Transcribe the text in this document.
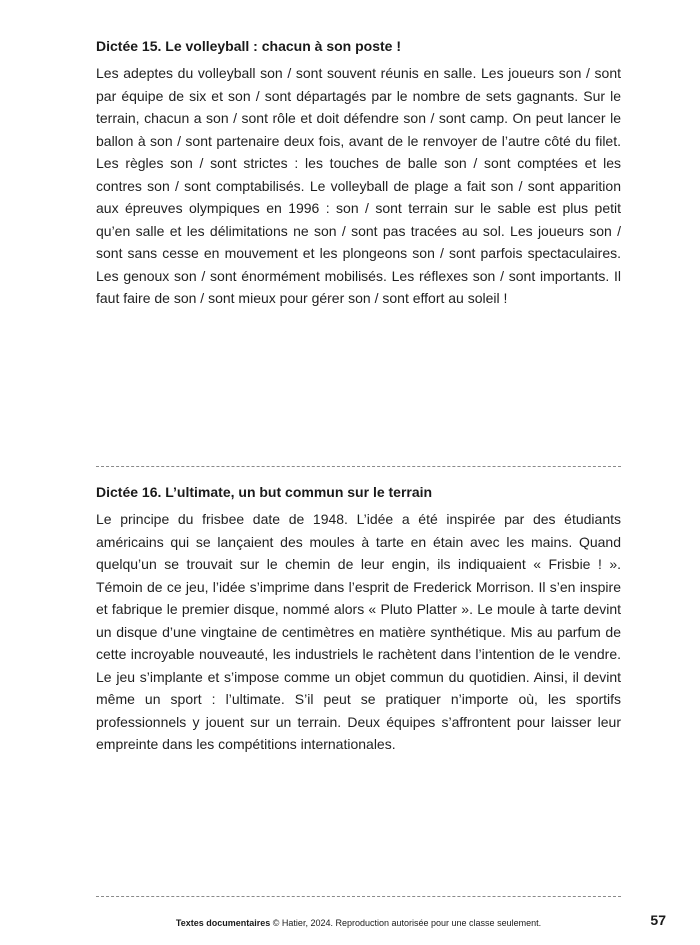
Dictée 15. Le volleyball : chacun à son poste !

Les adeptes du volleyball son / sont souvent réunis en salle. Les joueurs son / sont par équipe de six et son / sont départagés par le nombre de sets gagnants. Sur le terrain, chacun a son / sont rôle et doit défendre son / sont camp. On peut lancer le ballon à son / sont partenaire deux fois, avant de le renvoyer de l’autre côté du filet. Les règles son / sont strictes : les touches de balle son / sont comptées et les contres son / sont comptabilisés. Le volleyball de plage a fait son / sont apparition aux épreuves olympiques en 1996 : son / sont terrain sur le sable est plus petit qu’en salle et les délimitations ne son / sont pas tracées au sol. Les joueurs son / sont sans cesse en mouvement et les plongeons son / sont parfois spectaculaires. Les genoux son / sont énormément mobilisés. Les réflexes son / sont importants. Il faut faire de son / sont mieux pour gérer son / sont effort au soleil !

Dictée 16. L’ultimate, un but commun sur le terrain

Le principe du frisbee date de 1948. L’idée a été inspirée par des étudiants américains qui se lançaient des moules à tarte en étain avec les mains. Quand quelqu’un se trouvait sur le chemin de leur engin, ils indiquaient « Frisbie ! ». Témoin de ce jeu, l’idée s’imprime dans l’esprit de Frederick Morrison. Il s’en inspire et fabrique le premier disque, nommé alors « Pluto Platter ». Le moule à tarte devint un disque d’une vingtaine de centimètres en matière synthétique. Mis au parfum de cette incroyable nouveauté, les industriels le rachètent dans l’intention de le vendre. Le jeu s’implante et s’impose comme un objet commun du quotidien. Ainsi, il devint même un sport : l’ultimate. S’il peut se pratiquer n’importe où, les sportifs professionnels y jouent sur un terrain. Deux équipes s’affrontent pour laisser leur empreinte dans les compétitions internationales.

Textes documentaires © Hatier, 2024. Reproduction autorisée pour une classe seulement.	57
